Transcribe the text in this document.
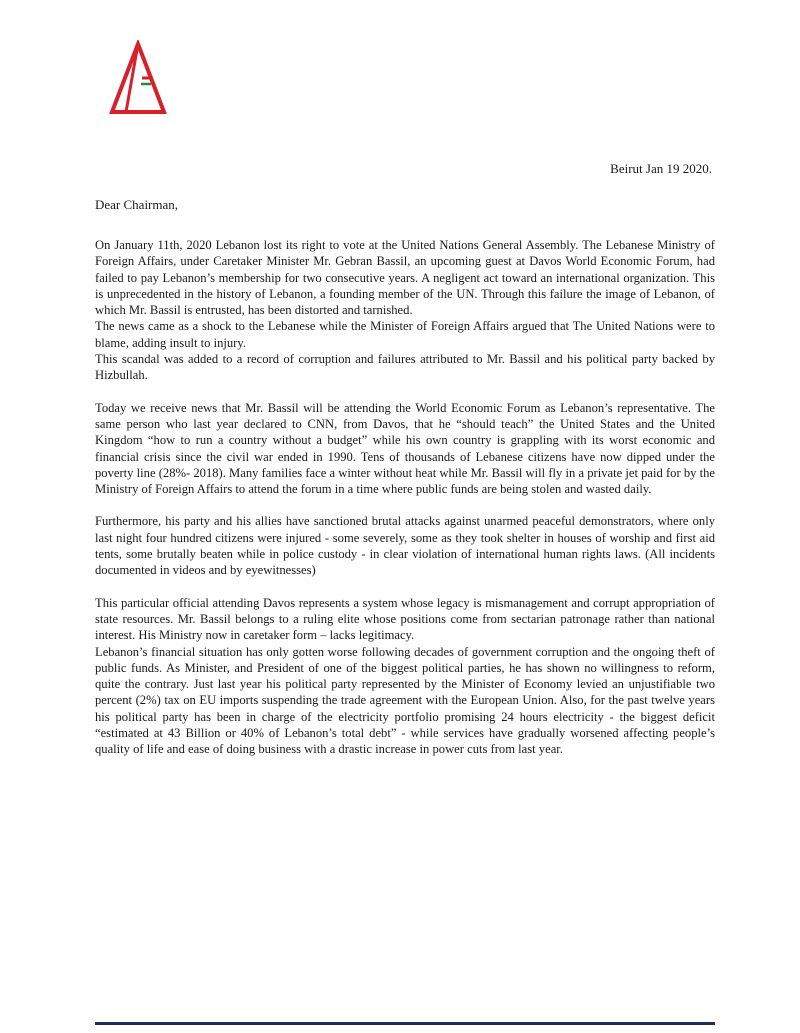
Beirut Jan 19 2020.
Dear Chairman,

On January 11th, 2020 Lebanon lost its right to vote at the United Nations General Assembly. The Lebanese Ministry of Foreign Affairs, under Caretaker Minister Mr. Gebran Bassil, an upcoming guest at Davos World Economic Forum, had failed to pay Lebanon’s membership for two consecutive years. A negligent act toward an international organization. This is unprecedented in the history of Lebanon, a founding member of the UN. Through this failure the image of Lebanon, of which Mr. Bassil is entrusted, has been distorted and tarnished.

The news came as a shock to the Lebanese while the Minister of Foreign Affairs argued that The United Nations were to blame, adding insult to injury.

This scandal was added to a record of corruption and failures attributed to Mr. Bassil and his political party backed by Hizbullah.

Today we receive news that Mr. Bassil will be attending the World Economic Forum as Lebanon’s representative. The same person who last year declared to CNN, from Davos, that he “should teach” the United States and the United Kingdom “how to run a country without a budget” while his own country is grappling with its worst economic and financial crisis since the civil war ended in 1990. Tens of thousands of Lebanese citizens have now dipped under the poverty line (28%- 2018). Many families face a winter without heat while Mr. Bassil will fly in a private jet paid for by the Ministry of Foreign Affairs to attend the forum in a time where public funds are being stolen and wasted daily.

Furthermore, his party and his allies have sanctioned brutal attacks against unarmed peaceful demonstrators, where only last night four hundred citizens were injured - some severely, some as they took shelter in houses of worship and first aid tents, some brutally beaten while in police custody - in clear violation of international human rights laws. (All incidents documented in videos and by eyewitnesses)

This particular official attending Davos represents a system whose legacy is mismanagement and corrupt appropriation of state resources. Mr. Bassil belongs to a ruling elite whose positions come from sectarian patronage rather than national interest. His Ministry now in caretaker form – lacks legitimacy.

Lebanon’s financial situation has only gotten worse following decades of government corruption and the ongoing theft of public funds. As Minister, and President of one of the biggest political parties, he has shown no willingness to reform, quite the contrary. Just last year his political party represented by the Minister of Economy levied an unjustifiable two percent (2%) tax on EU imports suspending the trade agreement with the European Union. Also, for the past twelve years his political party has been in charge of the electricity portfolio promising 24 hours electricity - the biggest deficit “estimated at 43 Billion or 40% of Lebanon’s total debt” - while services have gradually worsened affecting people’s quality of life and ease of doing business with a drastic increase in power cuts from last year.
